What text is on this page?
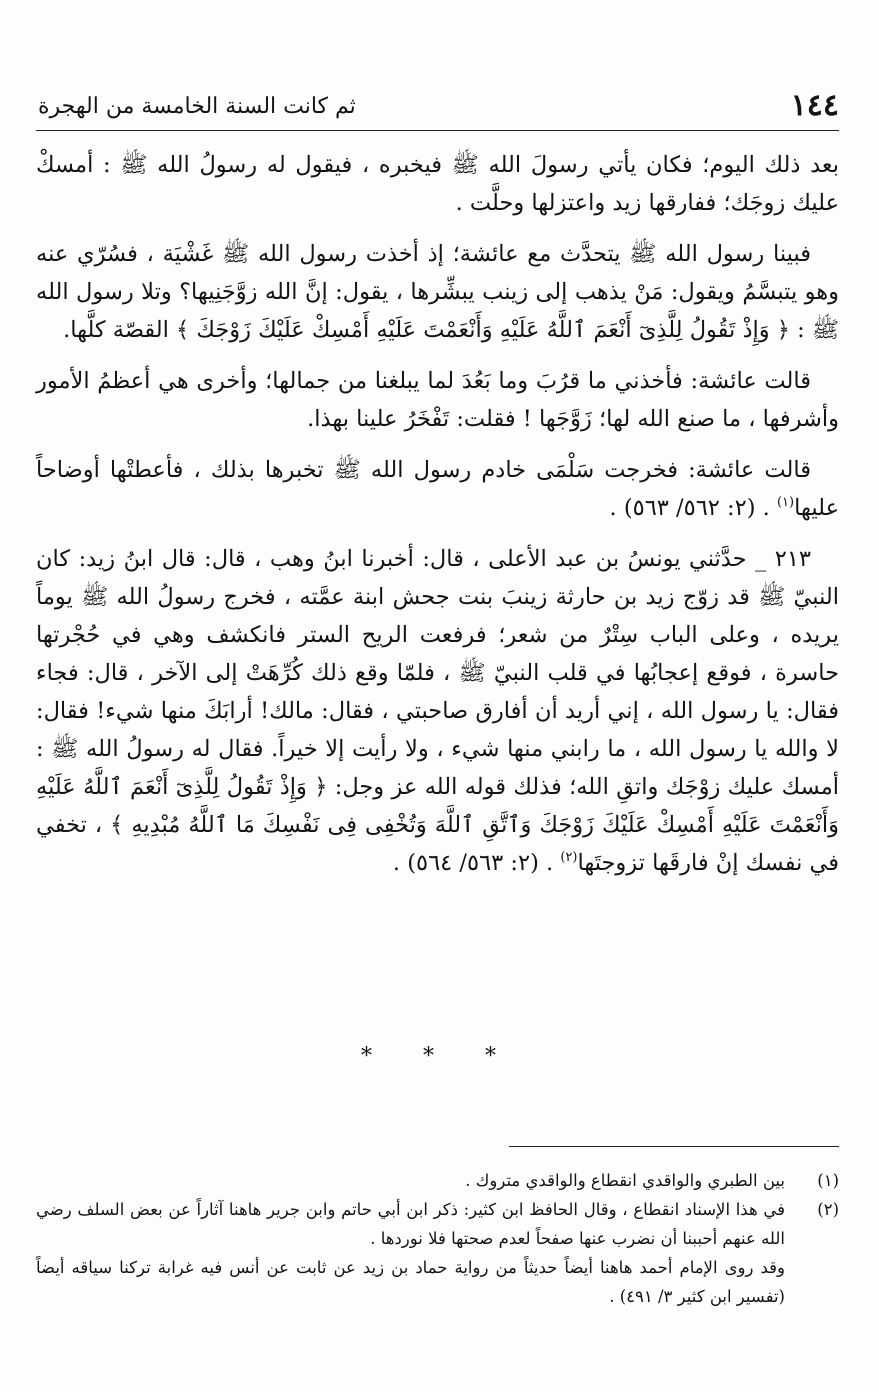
١٤٤
ثم كانت السنة الخامسة من الهجرة

بعد ذلك اليوم؛ فكان يأتي رسولَ الله ﷺ فيخبره ، فيقول له رسولُ الله ﷺ : أمسكْ عليك زوجَك؛ ففارقها زيد واعتزلها وحلَّت .

فبينا رسول الله ﷺ يتحدَّث مع عائشة؛ إذ أخذت رسول الله ﷺ غَشْيَة ، فسُرّي عنه وهو يتبسَّمُ ويقول: مَنْ يذهب إلى زينب يبشِّرها ، يقول: إنَّ الله زوَّجَنِيها؟ وتلا رسول الله ﷺ : ﴿ وَإِذْ تَقُولُ لِلَّذِىٓ أَنْعَمَ ٱللَّهُ عَلَيْهِ وَأَنْعَمْتَ عَلَيْهِ أَمْسِكْ عَلَيْكَ زَوْجَكَ ﴾ القصّة كلَّها.

قالت عائشة: فأخذني ما قرُبَ وما بَعُدَ لما يبلغنا من جمالها؛ وأخرى هي أعظمُ الأمور وأشرفها ، ما صنع الله لها؛ زَوَّجَها ! فقلت: تَفْخَرُ علينا بهذا.

قالت عائشة: فخرجت سَلْمَى خادم رسول الله ﷺ تخبرها بذلك ، فأعطتْها أوضاحاً عليها$^{(١)}$ . (٢: ٥٦٢/ ٥٦٣) .

٢١٣ _ حدَّثني يونسُ بن عبد الأعلى ، قال: أخبرنا ابنُ وهب ، قال: قال ابنُ زيد: كان النبيّ ﷺ قد زوّج زيد بن حارثة زينبَ بنت جحش ابنة عمَّته ، فخرج رسولُ الله ﷺ يوماً يريده ، وعلى الباب سِتْرٌ من شعر؛ فرفعت الريح الستر فانكشف وهي في حُجْرتها حاسرة ، فوقع إعجابُها في قلب النبيّ ﷺ ، فلمّا وقع ذلك كُرِّهَتْ إلى الآخر ، قال: فجاء فقال: يا رسول الله ، إني أريد أن أفارق صاحبتي ، فقال: مالك! أرابَكَ منها شيء! فقال: لا والله يا رسول الله ، ما رابني منها شيء ، ولا رأيت إلا خيراً. فقال له رسولُ الله ﷺ : أمسك عليك زوْجَك واتقِ الله؛ فذلك قوله الله عز وجل: ﴿ وَإِذْ تَقُولُ لِلَّذِىٓ أَنْعَمَ ٱللَّهُ عَلَيْهِ وَأَنْعَمْتَ عَلَيْهِ أَمْسِكْ عَلَيْكَ زَوْجَكَ وَٱتَّقِ ٱللَّهَ وَتُخْفِى فِى نَفْسِكَ مَا ٱللَّهُ مُبْدِيهِ ﴾ ، تخفي في نفسك إنْ فارقَها تزوجتَها$^{(٢)}$ . (٢: ٥٦٣/ ٥٦٤) .

* * *
(١)

بين الطبري والواقدي انقطاع والواقدي متروك .

(٢)

في هذا الإسناد انقطاع ، وقال الحافظ ابن كثير: ذكر ابن أبي حاتم وابن جرير هاهنا آثاراً عن بعض السلف رضي الله عنهم أحببنا أن نضرب عنها صفحاً لعدم صحتها فلا نوردها .

وقد روى الإمام أحمد هاهنا أيضاً حديثاً من رواية حماد بن زيد عن ثابت عن أنس فيه غرابة تركنا سياقه أيضاً (تفسير ابن كثير ٣/ ٤٩١) .
